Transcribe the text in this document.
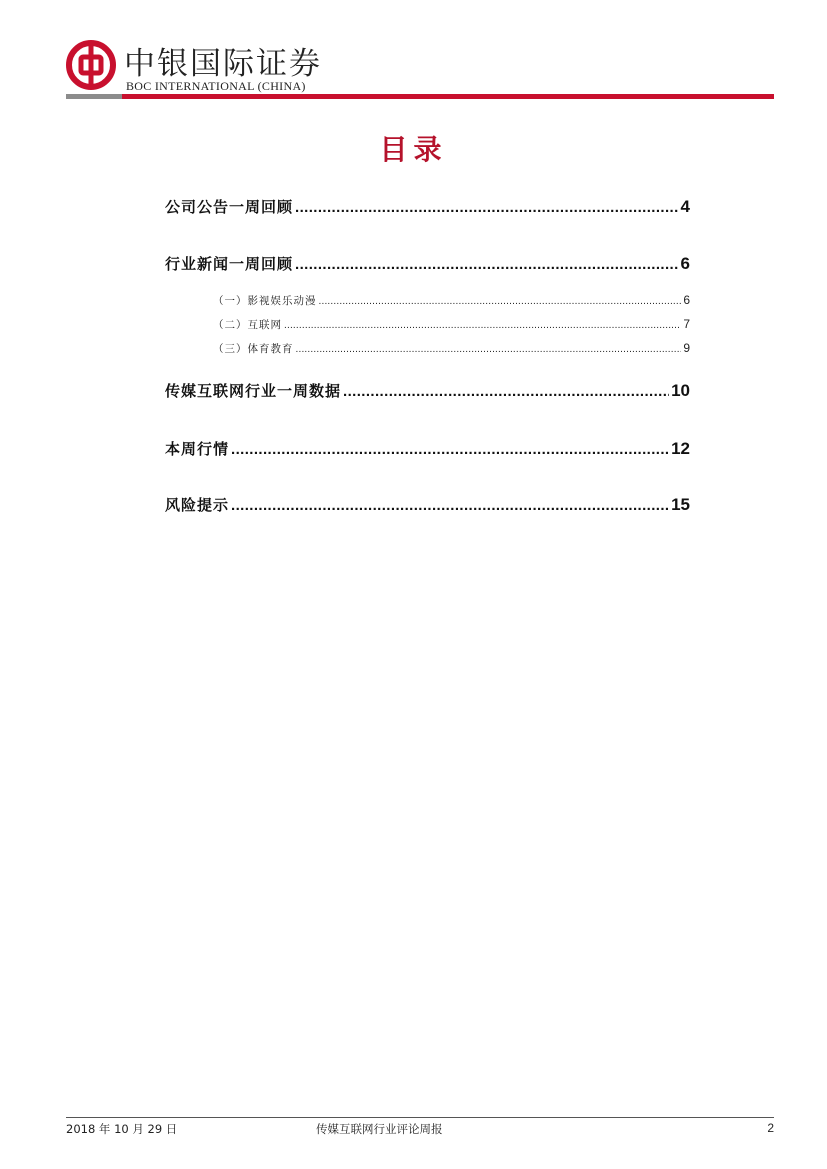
中银国际证券
BOC INTERNATIONAL (CHINA)
目录
公司公告一周回顾 .....	4
行业新闻一周回顾 .....	6
（一）影视娱乐动漫 .....	6
（二）互联网 .....	7
（三）体育教育 .....	9
传媒互联网行业一周数据 .....	10
本周行情 .....	12
风险提示 .....	15
2018 年 10 月 29 日	传媒互联网行业评论周报	2
